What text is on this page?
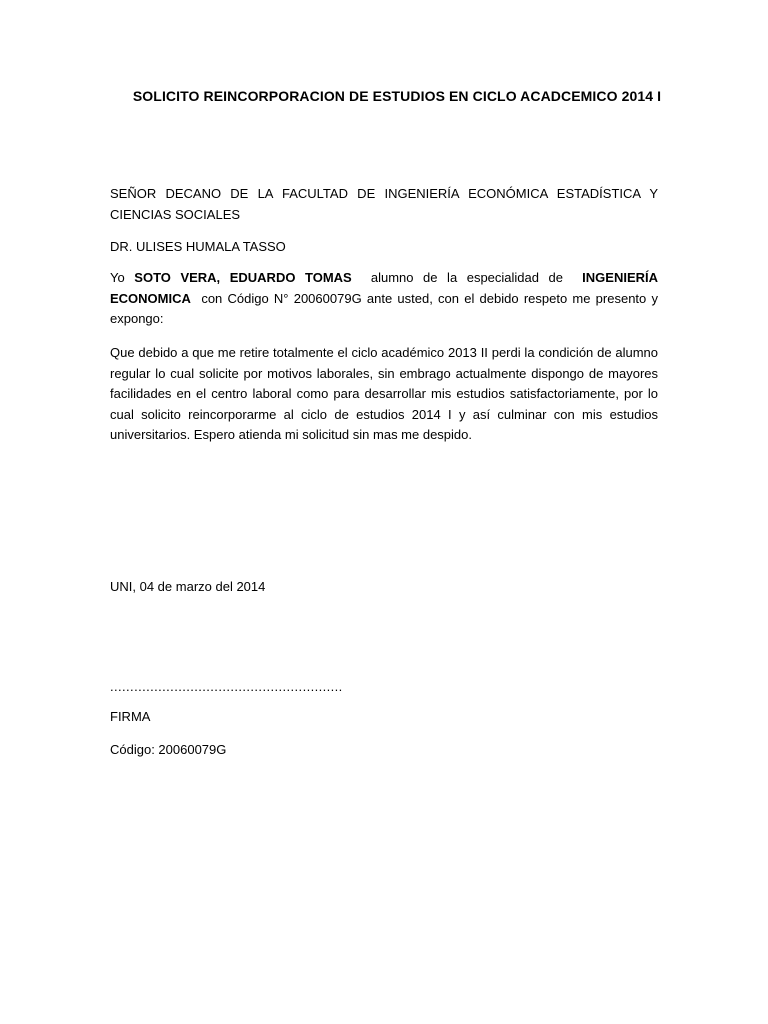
SOLICITO REINCORPORACION DE ESTUDIOS EN CICLO ACADCEMICO 2014 I
SEÑOR DECANO DE LA FACULTAD DE INGENIERÍA ECONÓMICA ESTADÍSTICA Y CIENCIAS SOCIALES
DR. ULISES HUMALA TASSO
Yo SOTO VERA, EDUARDO TOMAS alumno de la especialidad de INGENIERÍA ECONOMICA con Código N° 20060079G ante usted, con el debido respeto me presento y expongo:
Que debido a que me retire totalmente el ciclo académico 2013 II perdi la condición de alumno regular lo cual solicite por motivos laborales, sin embrago actualmente dispongo de mayores facilidades en el centro laboral como para desarrollar mis estudios satisfactoriamente, por lo cual solicito reincorporarme al ciclo de estudios 2014 I y así culminar con mis estudios universitarios. Espero atienda mi solicitud sin mas me despido.
UNI, 04 de marzo del 2014
..........................................................
FIRMA
Código: 20060079G
